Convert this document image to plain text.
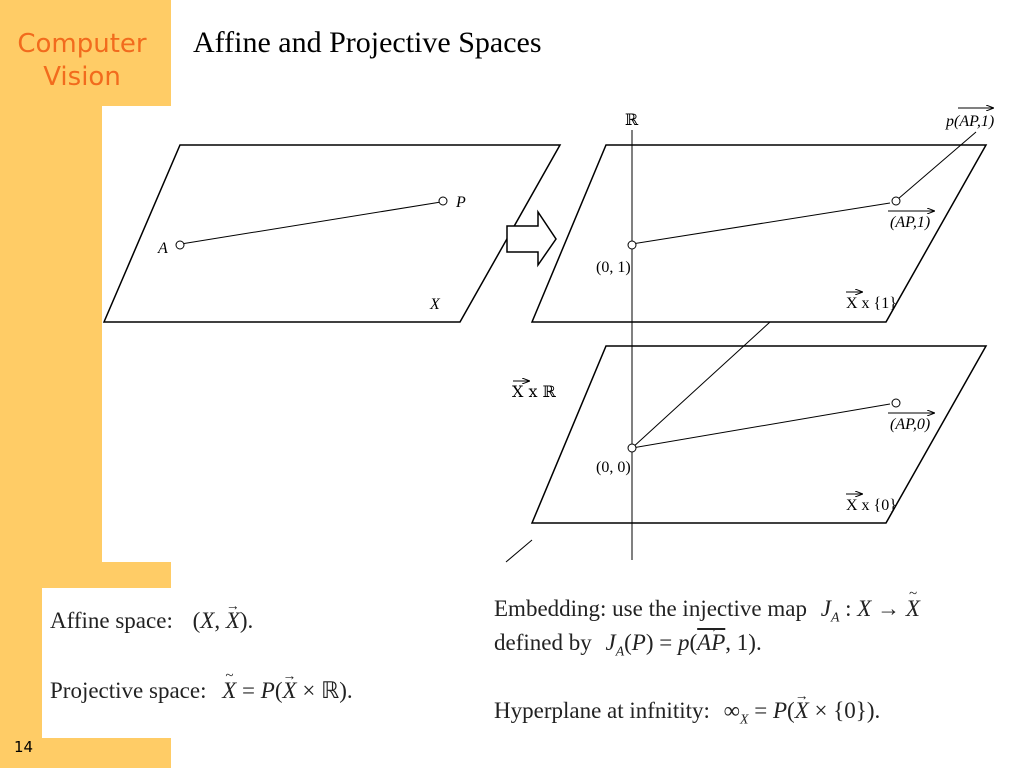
Computer
Vision
Affine and Projective Spaces
A
P
X
ℝ
(0, 1)
(AP,1)
p(AP,1)
X x {1}
X x ℝ
(0, 0)
(AP,0)
X x {0}
Affine space: (X, → X).
Projective space: ~ X = P(→ X × ℝ).
Embedding: use the injective map $J_A$ : X → ~ X
defined by $J_A(P) = p(\to \overline{AP}$, 1).
Hyperplane at infnitity: $\infty_X = P(\to X \times \{0\})$.
14
